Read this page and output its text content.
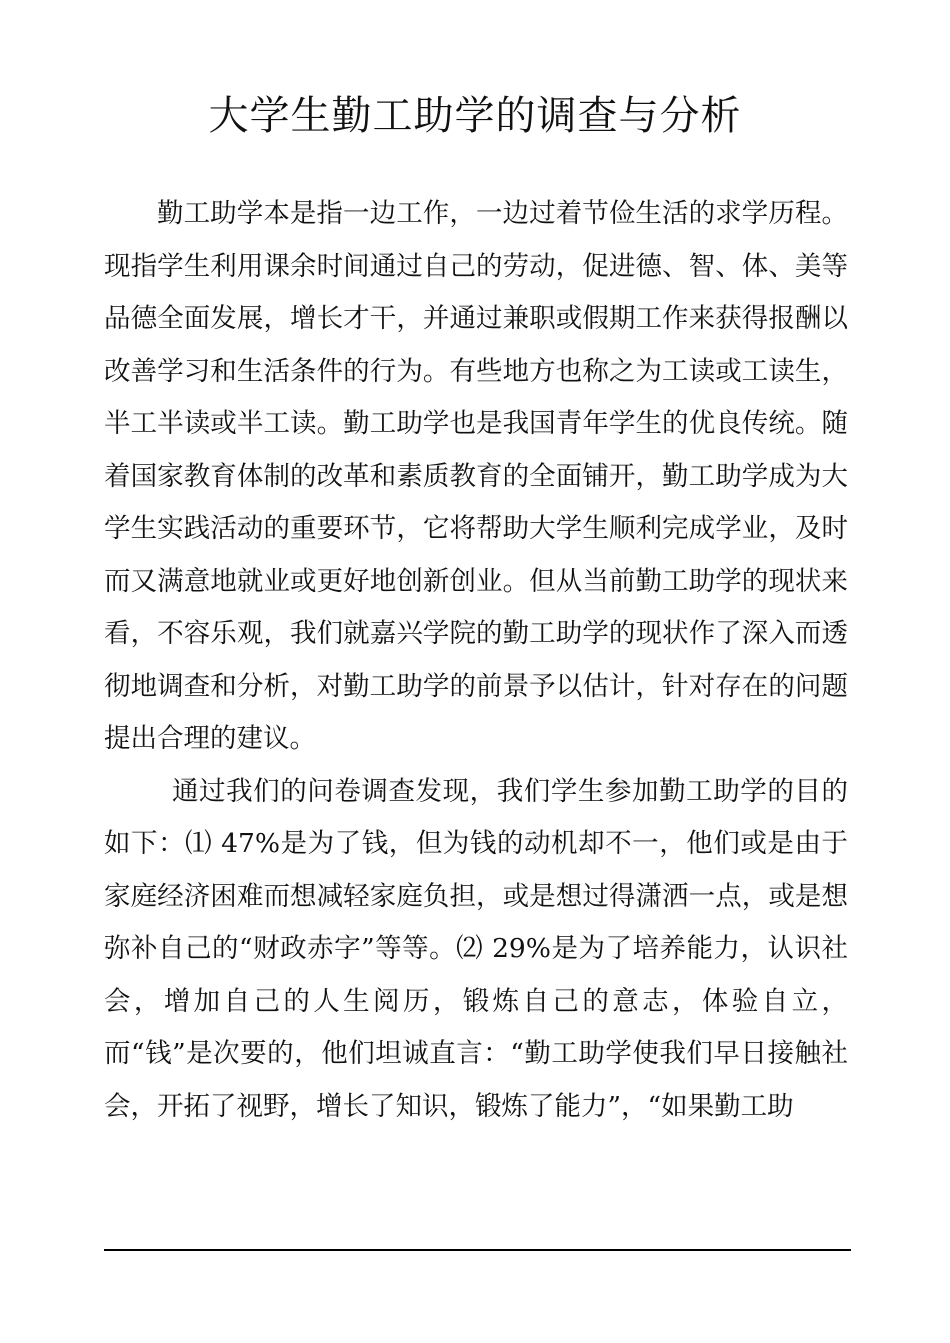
大学生勤工助学的调查与分析

勤工助学本是指一边工作，一边过着节俭生活的求学历程。现指学生利用课余时间通过自己的劳动，促进德、智、体、美等品德全面发展，增长才干，并通过兼职或假期工作来获得报酬以改善学习和生活条件的行为。有些地方也称之为工读或工读生，半工半读或半工读。勤工助学也是我国青年学生的优良传统。随着国家教育体制的改革和素质教育的全面铺开，勤工助学成为大学生实践活动的重要环节，它将帮助大学生顺利完成学业，及时而又满意地就业或更好地创新创业。但从当前勤工助学的现状来看，不容乐观，我们就嘉兴学院的勤工助学的现状作了深入而透彻地调查和分析，对勤工助学的前景予以估计，针对存在的问题提出合理的建议。

通过我们的问卷调查发现，我们学生参加勤工助学的目的如下：⑴ 47%是为了钱，但为钱的动机却不一，他们或是由于家庭经济困难而想减轻家庭负担，或是想过得潇洒一点，或是想弥补自己的“财政赤字”等等。⑵ 29%是为了培养能力，认识社会，增加自己的人生阅历，锻炼自己的意志，体验自立，而“钱”是次要的，他们坦诚直言：“勤工助学使我们早日接触社会，开拓了视野，增长了知识，锻炼了能力”，“如果勤工助
